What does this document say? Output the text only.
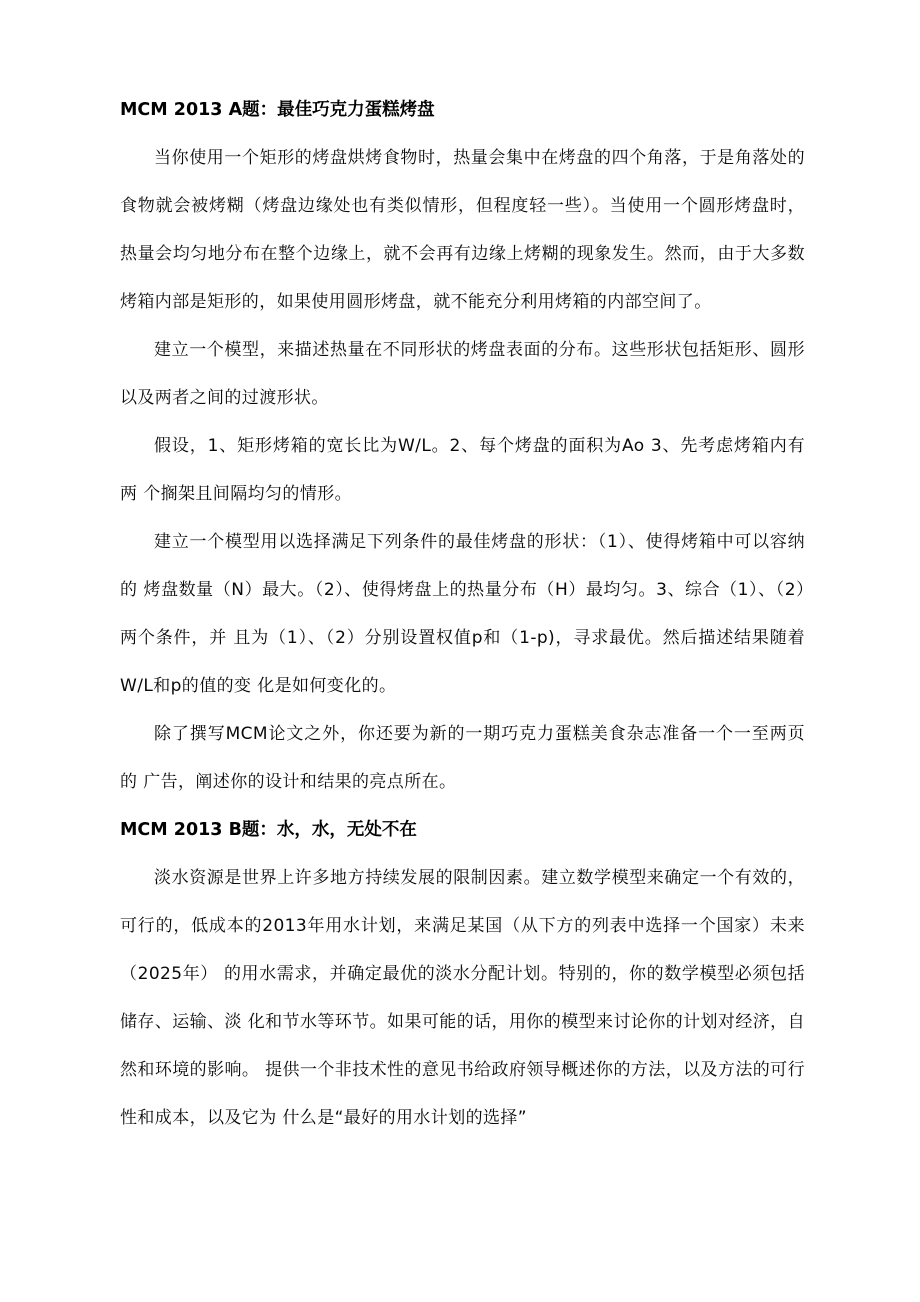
MCM 2013 A题：最佳巧克力蛋糕烤盘

当你使用一个矩形的烤盘烘烤食物时，热量会集中在烤盘的四个角落，于是角落处的食物就会被烤糊（烤盘边缘处也有类似情形，但程度轻一些）。当使用一个圆形烤盘时，热量会均匀地分布在整个边缘上，就不会再有边缘上烤糊的现象发生。然而，由于大多数烤箱内部是矩形的，如果使用圆形烤盘，就不能充分利用烤箱的内部空间了。

建立一个模型，来描述热量在不同形状的烤盘表面的分布。这些形状包括矩形、圆形以及两者之间的过渡形状。

假设，1、矩形烤箱的宽长比为W/L。2、每个烤盘的面积为Ao 3、先考虑烤箱内有两 个搁架且间隔均匀的情形。

建立一个模型用以选择满足下列条件的最佳烤盘的形状：（1）、使得烤箱中可以容纳 的 烤盘数量（N）最大。（2）、使得烤盘上的热量分布（H）最均匀。3、综合（1）、（2）两个条件，并 且为（1）、（2）分别设置权值p和（1-p)，寻求最优。然后描述结果随着W/L和p的值的变 化是如何变化的。

除了撰写MCM论文之外，你还要为新的一期巧克力蛋糕美食杂志准备一个一至两页的 广告，阐述你的设计和结果的亮点所在。

MCM 2013 B题：水，水，无处不在

淡水资源是世界上许多地方持续发展的限制因素。建立数学模型来确定一个有效的，可行的，低成本的2013年用水计划，来满足某国（从下方的列表中选择一个国家）未来（2025年） 的用水需求，并确定最优的淡水分配计划。特别的，你的数学模型必须包括储存、运输、淡 化和节水等环节。如果可能的话，用你的模型来讨论你的计划对经济，自然和环境的影响。 提供一个非技术性的意见书给政府领导概述你的方法，以及方法的可行性和成本，以及它为 什么是“最好的用水计划的选择”
